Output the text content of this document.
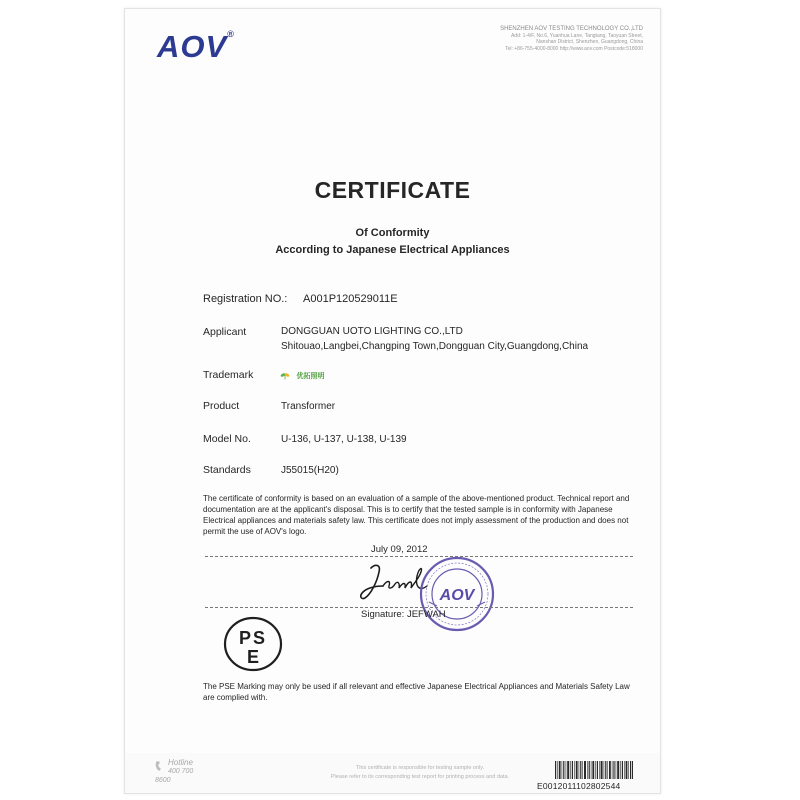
AOV®	SHENZHEN AOV TESTING TECHNOLOGY CO.,LTD
Add: 1-4/F, No.6, Yuanhua Lane, Tangtang, Taoyuan Street,
Nanshan District, Shenzhen, Guangdong, China
Tel: +86-755-4000-8000 http://www.aov.com Postcode:518000
CERTIFICATE
Of Conformity
According to Japanese Electrical Appliances
Registration NO.: A001P120529011E
Applicant	DONGGUAN UOTO LIGHTING CO.,LTD
Shitouao,Langbei,Changping Town,Dongguan City,Guangdong,China
Trademark	优拓照明
Product	Transformer
Model No.	U-136, U-137, U-138, U-139
Standards	J55015(H20)
The certificate of conformity is based on an evaluation of a sample of the above-mentioned product. Technical report and documentation are at the applicant's disposal. This is to certify that the tested sample is in conformity with Japanese Electrical appliances and materials safety law. This certificate does not imply assessment of the production and does not permit the use of AOV's logo.
July 09, 2012
AOV
Signature: JEFWAH
PS
E
The PSE Marking may only be used if all relevant and effective Japanese Electrical Appliances and Materials Safety Law are complied with.
Hotline
400 700 8600
This certificate is responsible for testing sample only.
Please refer to its corresponding test report for printing process and data.
E0012011102802544
